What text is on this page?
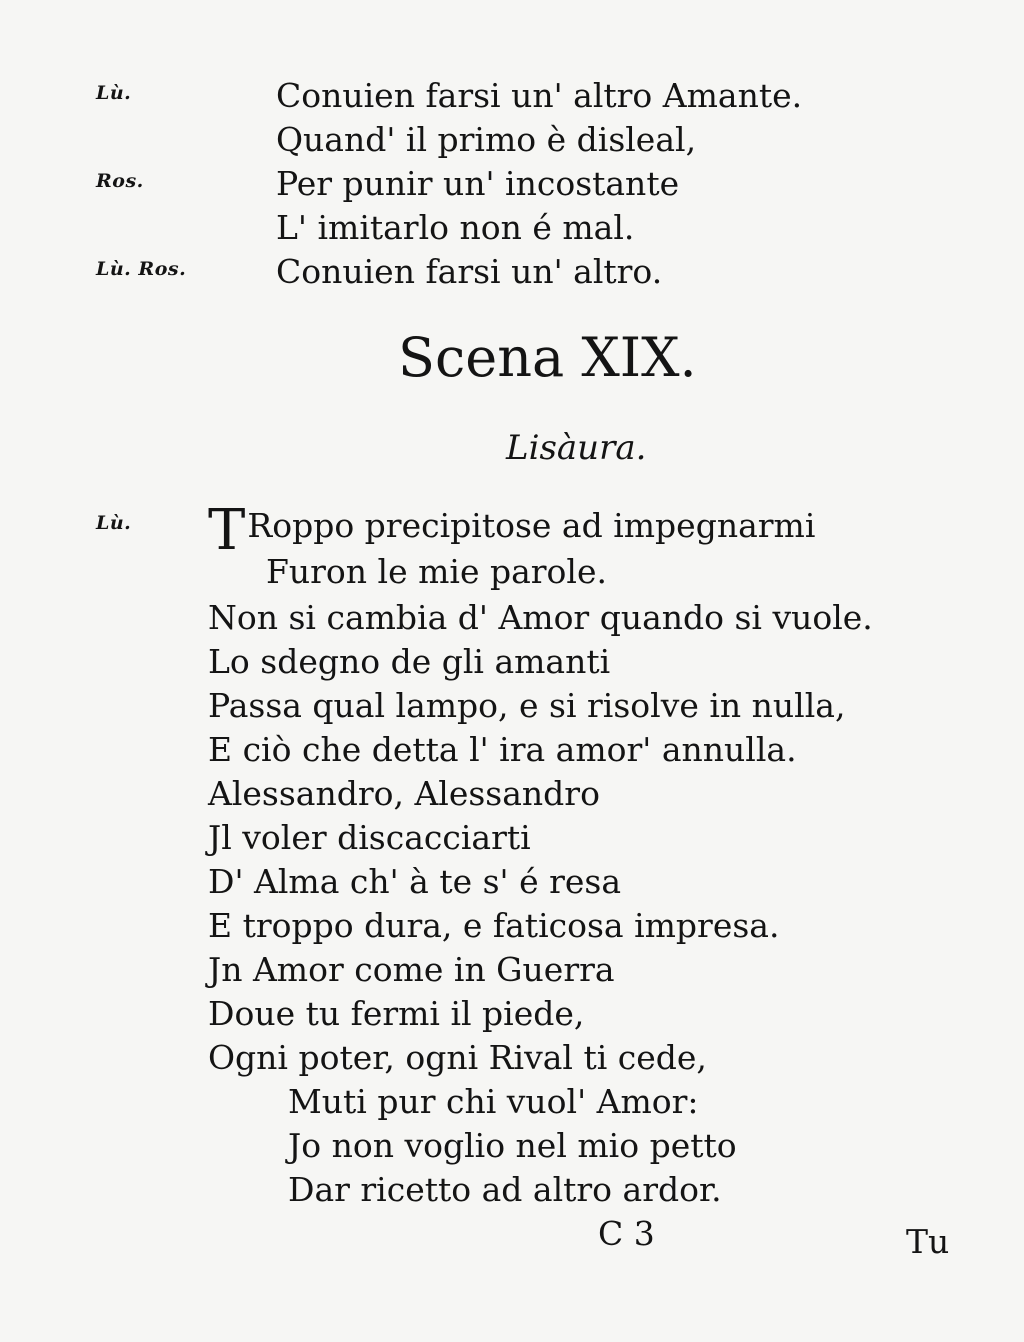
Lù.	Conuien farsi un' altro Amante.
Quand' il primo è disleal,
Ros.	Per punir un' incostante
L' imitarlo non é mal.
Lù. Ros.	Conuien farsi un' altro.
Scena XIX.
Lisàura.
Lù. TRoppo precipitose ad impegnarmi
Furon le mie parole.
Non si cambia d' Amor quando si vuole.
Lo sdegno de gli amanti
Passa qual lampo, e si risolve in nulla,
E ciò che detta l' ira amor' annulla.
Alessandro, Alessandro
Jl voler discacciarti
D' Alma ch' à te s' é resa
E troppo dura, e faticosa impresa.
Jn Amor come in Guerra
Doue tu fermi il piede,
Ogni poter, ogni Rival ti cede,
Muti pur chi vuol' Amor:
Jo non voglio nel mio petto
Dar ricetto ad altro ardor.
C 3	Tu
